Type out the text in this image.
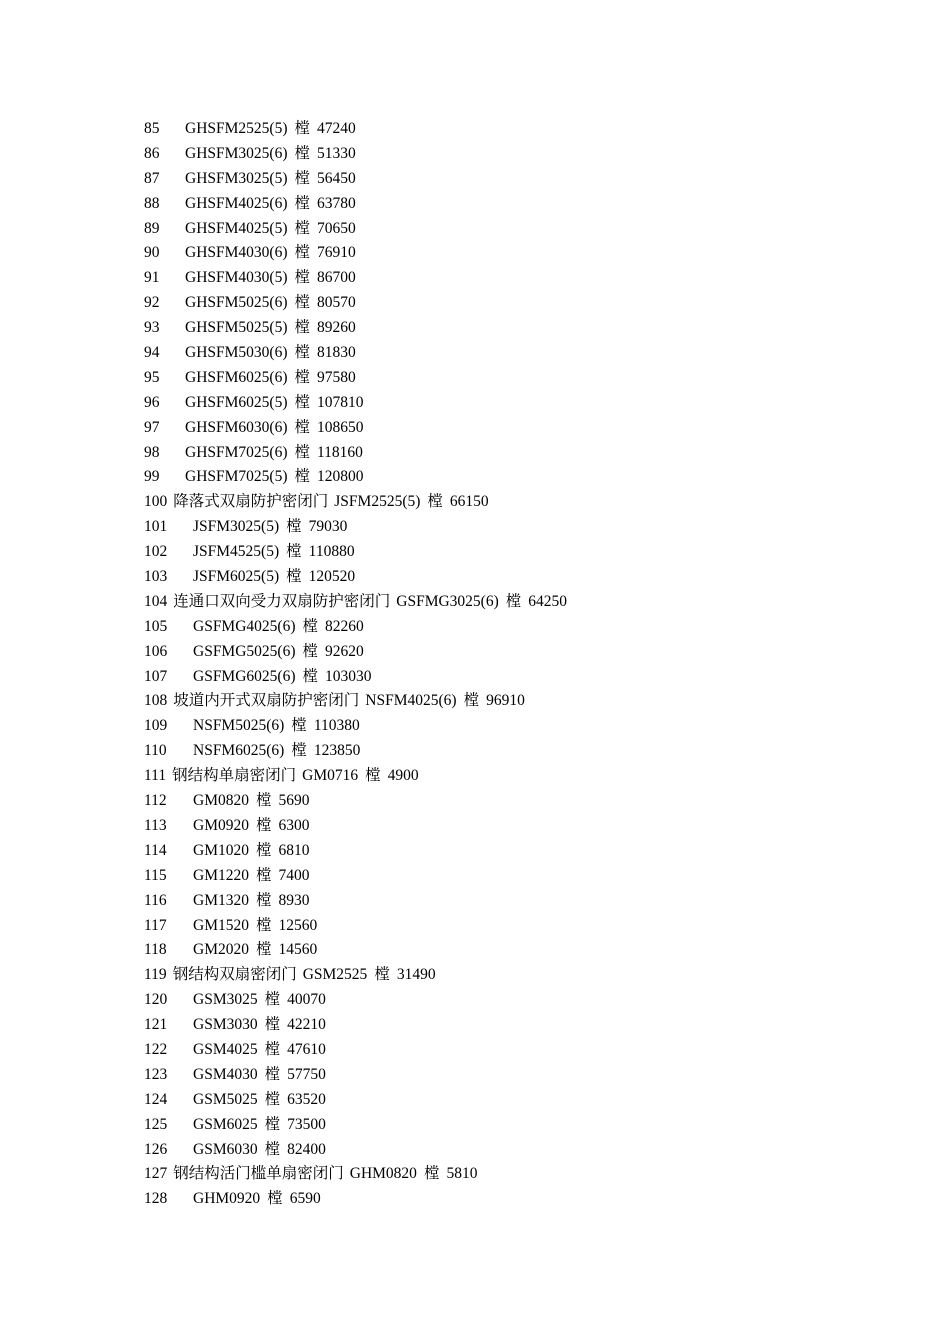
85 GHSFM2525(5) 樘 47240
86 GHSFM3025(6) 樘 51330
87 GHSFM3025(5) 樘 56450
88 GHSFM4025(6) 樘 63780
89 GHSFM4025(5) 樘 70650
90 GHSFM4030(6) 樘 76910
91 GHSFM4030(5) 樘 86700
92 GHSFM5025(6) 樘 80570
93 GHSFM5025(5) 樘 89260
94 GHSFM5030(6) 樘 81830
95 GHSFM6025(6) 樘 97580
96 GHSFM6025(5) 樘 107810
97 GHSFM6030(6) 樘 108650
98 GHSFM7025(6) 樘 118160
99 GHSFM7025(5) 樘 120800
100 降落式双扇防护密闭门 JSFM2525(5) 樘 66150
101 JSFM3025(5) 樘 79030
102 JSFM4525(5) 樘 110880
103 JSFM6025(5) 樘 120520
104 连通口双向受力双扇防护密闭门 GSFMG3025(6) 樘 64250
105 GSFMG4025(6) 樘 82260
106 GSFMG5025(6) 樘 92620
107 GSFMG6025(6) 樘 103030
108 坡道内开式双扇防护密闭门 NSFM4025(6) 樘 96910
109 NSFM5025(6) 樘 110380
110 NSFM6025(6) 樘 123850
111 钢结构单扇密闭门 GM0716 樘 4900
112 GM0820 樘 5690
113 GM0920 樘 6300
114 GM1020 樘 6810
115 GM1220 樘 7400
116 GM1320 樘 8930
117 GM1520 樘 12560
118 GM2020 樘 14560
119 钢结构双扇密闭门 GSM2525 樘 31490
120 GSM3025 樘 40070
121 GSM3030 樘 42210
122 GSM4025 樘 47610
123 GSM4030 樘 57750
124 GSM5025 樘 63520
125 GSM6025 樘 73500
126 GSM6030 樘 82400
127 钢结构活门槛单扇密闭门 GHM0820 樘 5810
128 GHM0920 樘 6590
